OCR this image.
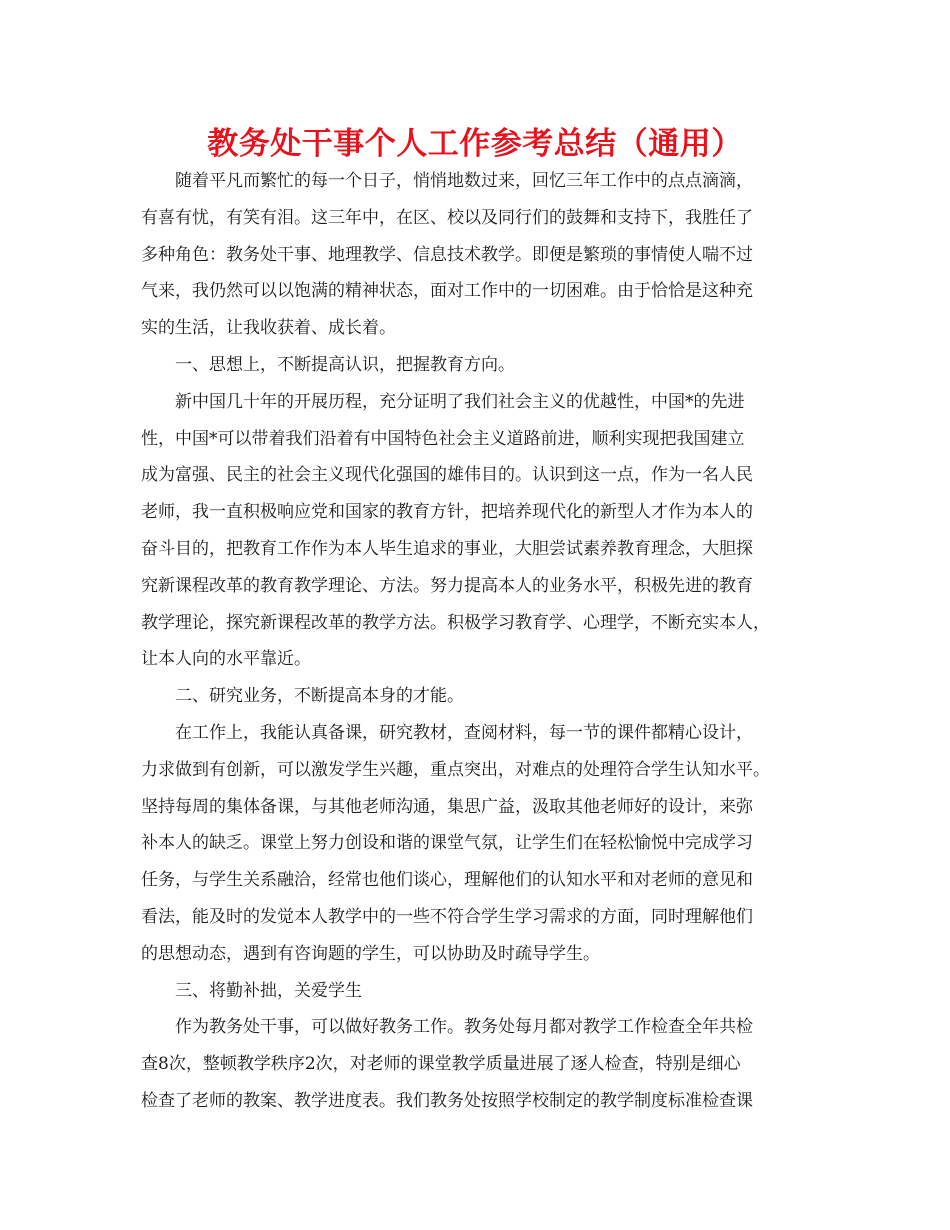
教务处干事个人工作参考总结（通用）
随着平凡而繁忙的每一个日子，悄悄地数过来，回忆三年工作中的点点滴滴，
有喜有忧，有笑有泪。这三年中，在区、校以及同行们的鼓舞和支持下，我胜任了
多种角色：教务处干事、地理教学、信息技术教学。即便是繁琐的事情使人喘不过
气来，我仍然可以以饱满的精神状态，面对工作中的一切困难。由于恰恰是这种充
实的生活，让我收获着、成长着。
一、思想上，不断提高认识，把握教育方向。
新中国几十年的开展历程，充分证明了我们社会主义的优越性，中国*的先进
性，中国*可以带着我们沿着有中国特色社会主义道路前进，顺利实现把我国建立
成为富强、民主的社会主义现代化强国的雄伟目的。认识到这一点，作为一名人民
老师，我一直积极响应党和国家的教育方针，把培养现代化的新型人才作为本人的
奋斗目的，把教育工作作为本人毕生追求的事业，大胆尝试素养教育理念，大胆探
究新课程改革的教育教学理论、方法。努力提高本人的业务水平，积极先进的教育
教学理论，探究新课程改革的教学方法。积极学习教育学、心理学，不断充实本人，
让本人向的水平靠近。
二、研究业务，不断提高本身的才能。
在工作上，我能认真备课，研究教材，查阅材料，每一节的课件都精心设计，
力求做到有创新，可以激发学生兴趣，重点突出，对难点的处理符合学生认知水平。
坚持每周的集体备课，与其他老师沟通，集思广益，汲取其他老师好的设计，来弥
补本人的缺乏。课堂上努力创设和谐的课堂气氛，让学生们在轻松愉悦中完成学习
任务，与学生关系融洽，经常也他们谈心，理解他们的认知水平和对老师的意见和
看法，能及时的发觉本人教学中的一些不符合学生学习需求的方面，同时理解他们
的思想动态，遇到有咨询题的学生，可以协助及时疏导学生。
三、将勤补拙，关爱学生
作为教务处干事，可以做好教务工作。教务处每月都对教学工作检查全年共检
查8次，整顿教学秩序2次，对老师的课堂教学质量进展了逐人检查，特别是细心
检查了老师的教案、教学进度表。我们教务处按照学校制定的教学制度标准检查课
